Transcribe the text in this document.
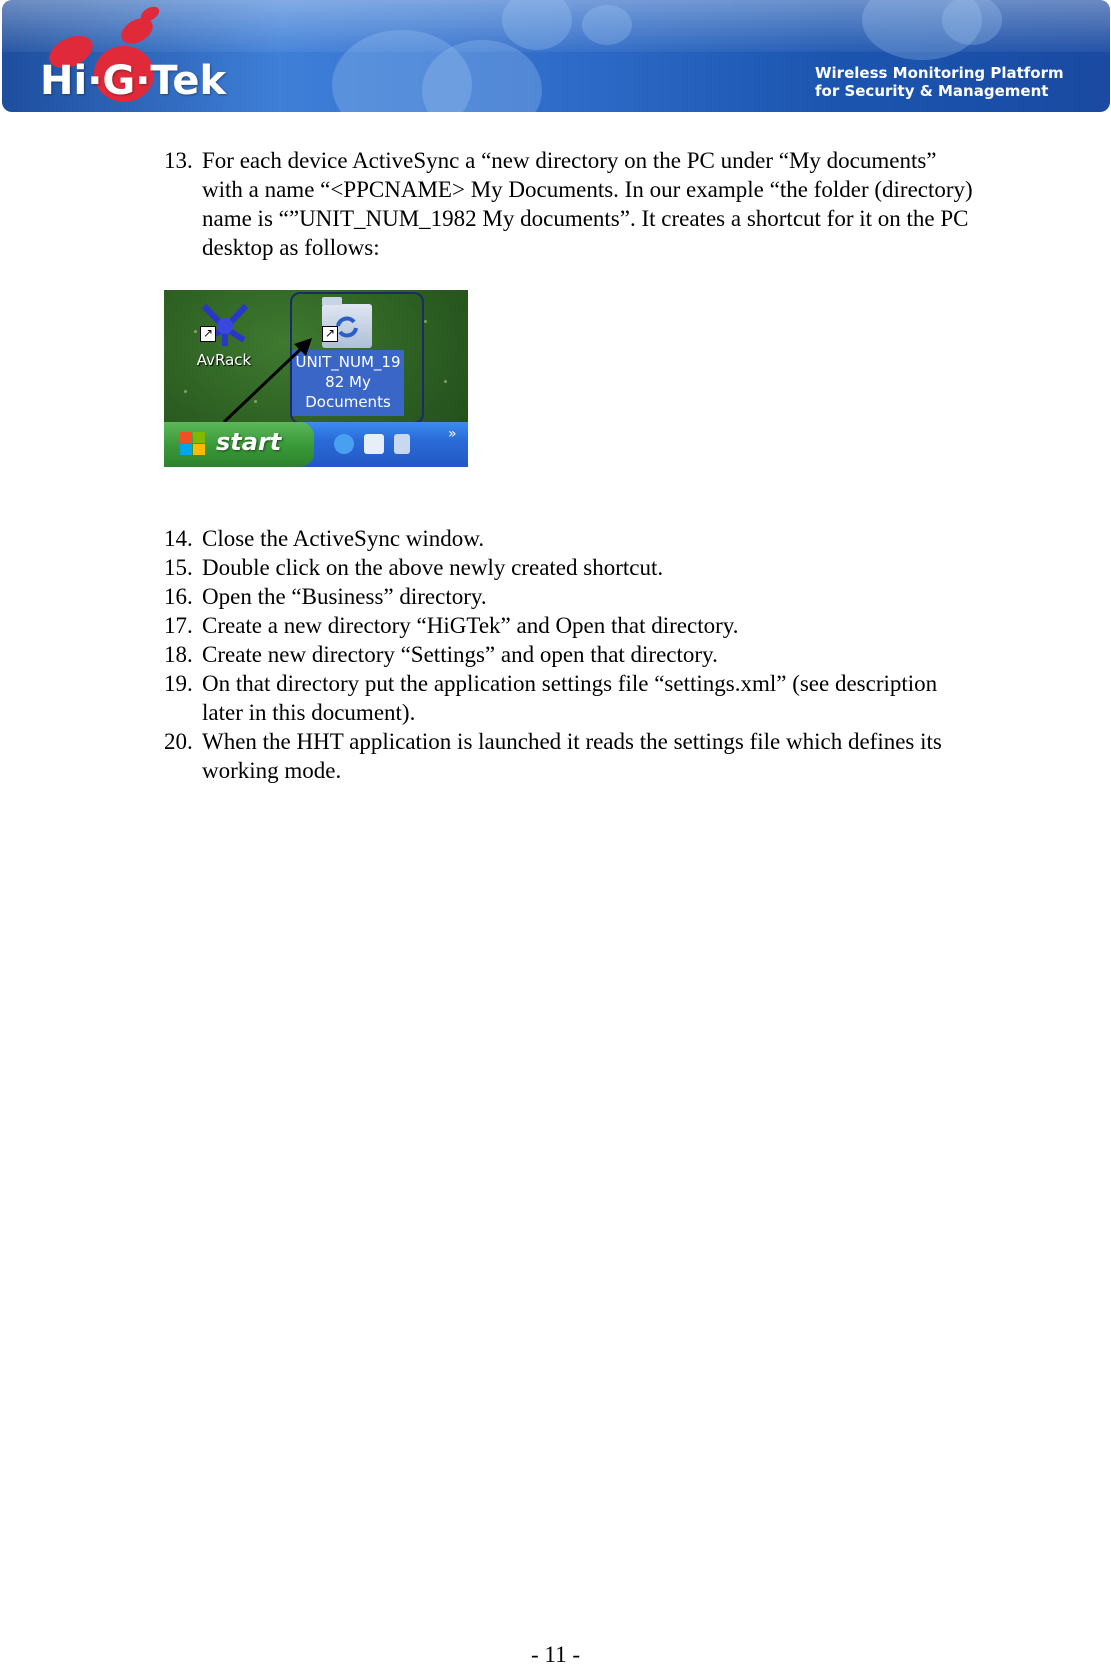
Hi·G·Tek	Wireless Monitoring Platform
for Security & Management
13. For each device ActiveSync a “new directory on the PC under “My documents”
with a name “<PPCNAME> My Documents. In our example “the folder (directory)
name is “”UNIT_NUM_1982 My documents”. It creates a shortcut for it on the PC
desktop as follows:
↗
AvRack
↗
UNIT_NUM_19
82 My
Documents
start	»
14. Close the ActiveSync window.
15. Double click on the above newly created shortcut.
16. Open the “Business” directory.
17. Create a new directory “HiGTek” and Open that directory.
18. Create new directory “Settings” and open that directory.
19. On that directory put the application settings file “settings.xml” (see description
later in this document).
20. When the HHT application is launched it reads the settings file which defines its
working mode.
- 11 -
